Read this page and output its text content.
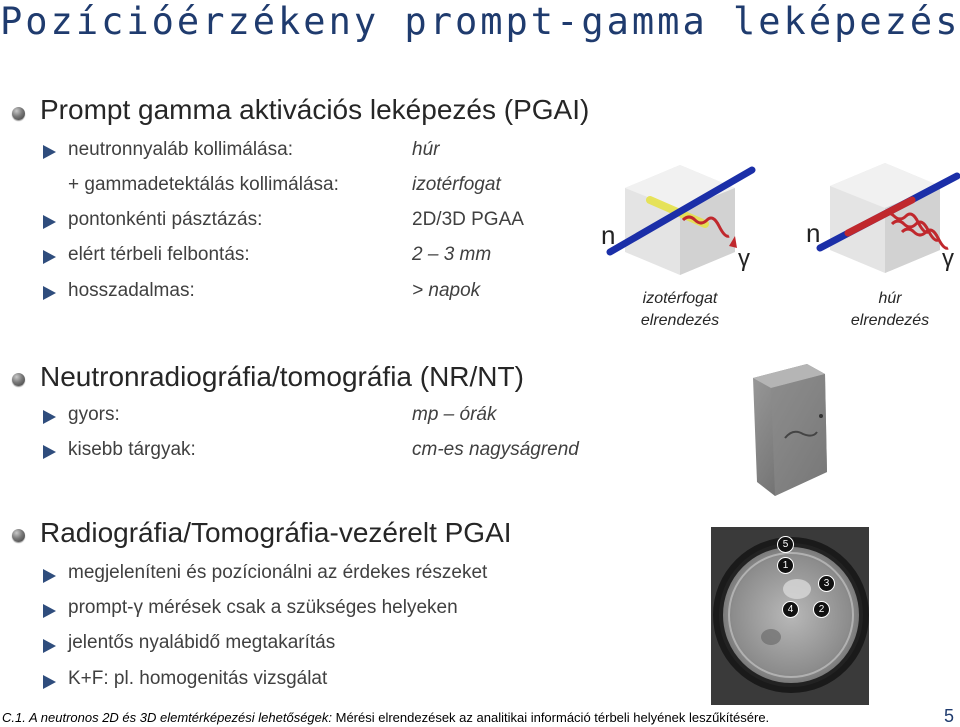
Pozícióérzékeny prompt-gamma leképezés
Prompt gamma aktivációs leképezés (PGAI)
neutronnyaláb kollimálása:	húr
+ gammadetektálás kollimálása:	izotérfogat
pontonkénti pásztázás:	2D/3D PGAA
elért térbeli felbontás:	2 – 3 mm
hosszadalmas:	> napok
n
γ
izotérfogat
elrendezés
n
γ
húr
elrendezés
Neutronradiográfia/tomográfia (NR/NT)
gyors:	mp – órák
kisebb tárgyak:	cm-es nagyságrend
Radiográfia/Tomográfia-vezérelt PGAI
megjeleníteni és pozícionálni az érdekes részeket
prompt-γ mérések csak a szükséges helyeken
jelentős nyalábidő megtakarítás
K+F: pl. homogenitás vizsgálat
5
1
3
4	2
C.1. A neutronos 2D és 3D elemtérképezési lehetőségek: Mérési elrendezések az analitikai információ térbeli helyének leszűkítésére.	5
